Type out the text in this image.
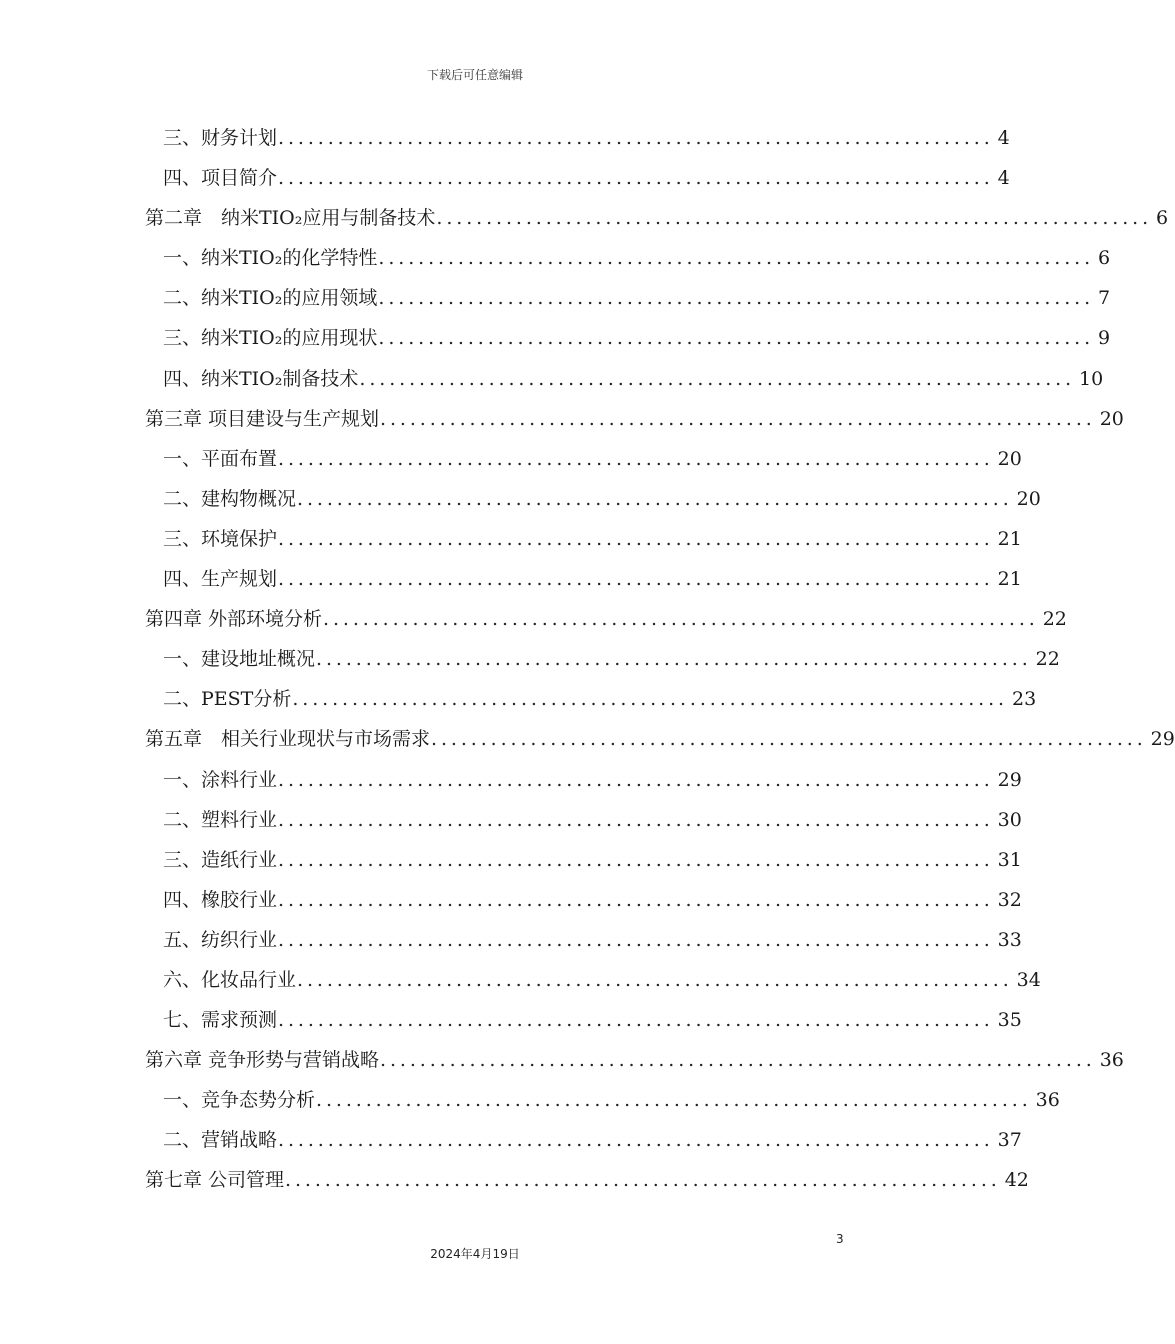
下载后可任意编辑
三、财务计划 ........................................................................ 4
四、项目简介 ........................................................................ 4
第二章　纳米TIO₂应用与制备技术 ........................................................................ 6
一、纳米TIO₂的化学特性 ........................................................................ 6
二、纳米TIO₂的应用领域 ........................................................................ 7
三、纳米TIO₂的应用现状 ........................................................................ 9
四、纳米TIO₂制备技术 ........................................................................ 10
第三章 项目建设与生产规划 ........................................................................ 20
一、平面布置 ........................................................................ 20
二、建构物概况 ........................................................................ 20
三、环境保护 ........................................................................ 21
四、生产规划 ........................................................................ 21
第四章 外部环境分析 ........................................................................ 22
一、建设地址概况 ........................................................................ 22
二、PEST分析 ........................................................................ 23
第五章　相关行业现状与市场需求 ........................................................................ 29
一、涂料行业 ........................................................................ 29
二、塑料行业 ........................................................................ 30
三、造纸行业 ........................................................................ 31
四、橡胶行业 ........................................................................ 32
五、纺织行业 ........................................................................ 33
六、化妆品行业 ........................................................................ 34
七、需求预测 ........................................................................ 35
第六章 竞争形势与营销战略 ........................................................................ 36
一、竞争态势分析 ........................................................................ 36
二、营销战略 ........................................................................ 37
第七章 公司管理 ........................................................................ 42
3
2024年4月19日
